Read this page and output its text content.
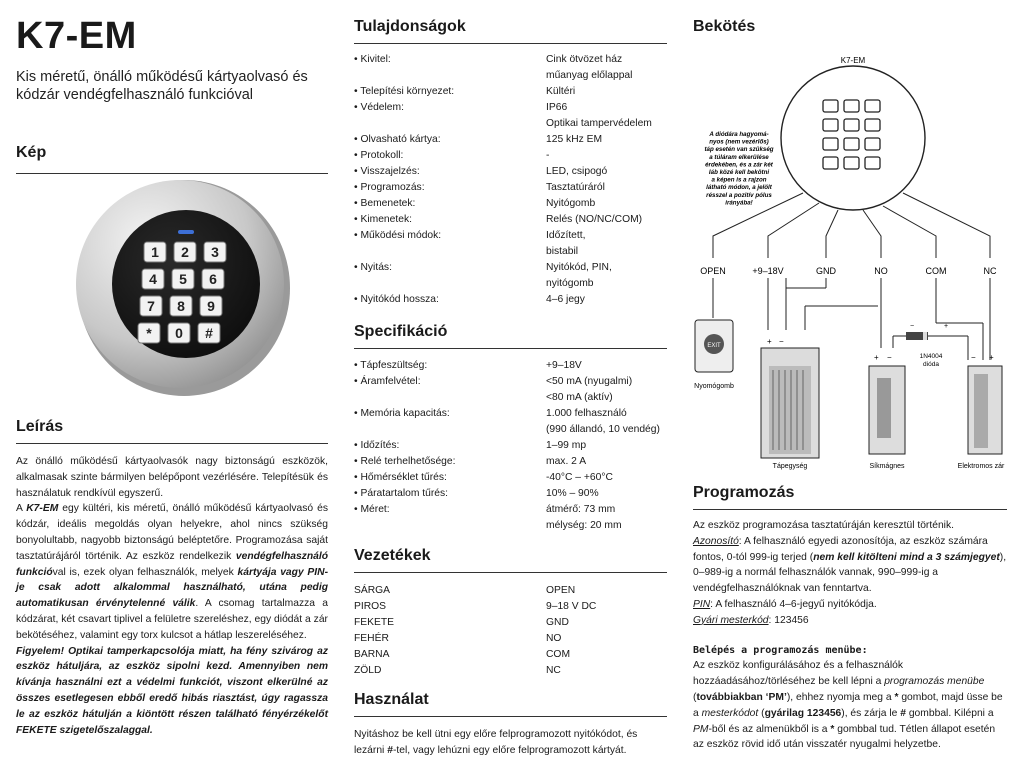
K7-EM
Kis méretű, önálló működésű kártyaolvasó és kódzár vendégfelhasználó funkcióval
Kép
1 2 3
4 5 6
7 8 9
* 0 #
Leírás

Az önálló működésű kártyaolvasók nagy biztonságú eszközök, alkalmasak szinte bármilyen belépőpont vezérlésére. Telepítésük és használatuk rendkívül egyszerű.

A K7-EM egy kültéri, kis méretű, önálló működésű kártyaolvasó és kódzár, ideális megoldás olyan helyekre, ahol nincs szükség bonyolultabb, nagyobb biztonságú beléptetőre. Programozása saját tasztatúrájáról történik. Az eszköz rendelkezik vendégfelhasználó funkcióval is, ezek olyan felhasználók, melyek kártyája vagy PIN-je csak adott alkalommal használható, utána pedig automatikusan érvénytelenné válik. A csomag tartalmazza a kódzárat, két csavart tiplivel a felületre szereléshez, egy diódát a zár bekötéséhez, valamint egy torx kulcsot a hátlap leszereléséhez.

Figyelem! Optikai tamperkapcsolója miatt, ha fény szivárog az eszköz hátuljára, az eszköz sipolni kezd. Amennyiben nem kívánja használni ezt a védelmi funkciót, viszont elkerülné az összes esetlegesen ebből eredő hibás riasztást, úgy ragassza le az eszköz hátulján a kiöntött részen található fényérzékelőt FEKETE szigetelőszalaggal.

Tulajdonságok
• Kivitel:	Cink ötvözet ház
műanyag előlappal

• Telepítési környezet:	Kültéri

• Védelem:	IP66
Optikai tampervédelem

• Olvasható kártya:	125 kHz EM

• Protokoll:	-

• Visszajelzés:	LED, csipogó

• Programozás:	Tasztatúráról

• Bemenetek:	Nyitógomb

• Kimenetek:	Relés (NO/NC/COM)

• Működési módok:	Időzített,
bistabil

• Nyitás:	Nyitókód, PIN,
nyitógomb

• Nyitókód hossza:	4–6 jegy
Specifikáció
• Tápfeszültség:	+9–18V

• Áramfelvétel:	<50 mA (nyugalmi)
<80 mA (aktív)

• Memória kapacitás:	1.000 felhasználó
(990 állandó, 10 vendég)

• Időzítés:	1–99 mp

• Relé terhelhetősége:	max. 2 A

• Hőmérséklet tűrés:	-40°C – +60°C

• Páratartalom tűrés:	10% – 90%

• Méret:	átmérő: 73 mm
mélység: 20 mm
Vezetékek
SÁRGA	OPEN
PIROS	9–18 V DC
FEKETE	GND
FEHÉR	NO
BARNA	COM
ZÖLD	NC
Használat
Nyitáshoz be kell ütni egy előre felprogramozott nyitókódot, és lezárni #-tel, vagy lehúzni egy előre felprogramozott kártyát.
Bekötés
K7-EM
A diódára hagyomá-nyos (nem vezérlős) táp esetén van szükség a túláram elkerülése érdekében, és a zár két láb közé kell bekötni a képen is a rajzon látható módon, a jelölt résszel a pozitív pólus irányába!
OPEN	+9–18V	GND	NO	COM	NC
−	+
1N4004
dióda
EXIT	+ −
+ −	− +
Nyomógomb
Tápegység	Síkmágnes	Elektromos zár
Programozás

Az eszköz programozása tasztatúráján keresztül történik.

Azonosító: A felhasználó egyedi azonosítója, az eszköz számára fontos, 0-tól 999-ig terjed (nem kell kitölteni mind a 3 számjegyet), 0–989-ig a normál felhasználók vannak, 990–999-ig a vendégfelhasználóknak van fenntartva.

PIN: A felhasználó 4–6-jegyű nyitókódja.

Gyári mesterkód: 123456

Belépés a programozás menübe:

Az eszköz konfigurálásához és a felhasználók hozzáadásához/törléséhez be kell lépni a programozás menübe (továbbiakban ‘PM’), ehhez nyomja meg a * gombot, majd üsse be a mesterkódot (gyárilag 123456), és zárja le # gombbal. Kilépni a PM-ből és az almenükből is a * gombbal tud. Tétlen állapot esetén az eszköz rövid idő után visszatér nyugalmi helyzetbe.
